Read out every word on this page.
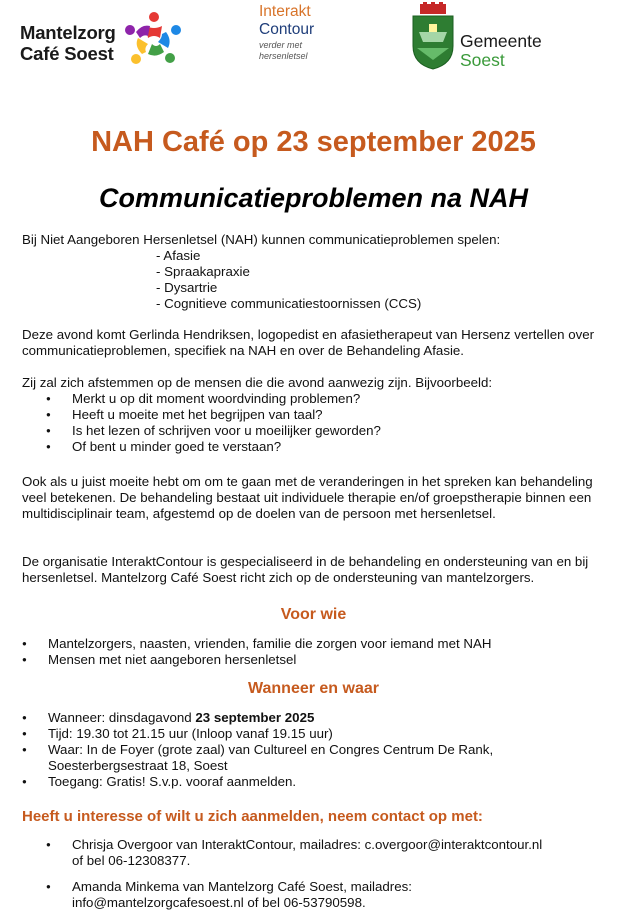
Mantelzorg
Café Soest
Interakt
Contour
verder met
hersenletsel
Gemeente
Soest
NAH Café op 23 september 2025
Communicatieproblemen na NAH

Bij Niet Aangeboren Hersenletsel (NAH) kunnen communicatieproblemen spelen:

- Afasie
- Spraakapraxie
- Dysartrie
- Cognitieve communicatiestoornissen (CCS)

Deze avond komt Gerlinda Hendriksen, logopedist en afasietherapeut van Hersenz vertellen over communicatieproblemen, specifiek na NAH en over de Behandeling Afasie.

Zij zal zich afstemmen op de mensen die die avond aanwezig zijn. Bijvoorbeeld:

● Merkt u op dit moment woordvinding problemen?
● Heeft u moeite met het begrijpen van taal?
● Is het lezen of schrijven voor u moeilijker geworden?
● Of bent u minder goed te verstaan?

Ook als u juist moeite hebt om om te gaan met de veranderingen in het spreken kan behandeling veel betekenen. De behandeling bestaat uit individuele therapie en/of groepstherapie binnen een multidisciplinair team, afgestemd op de doelen van de persoon met hersenletsel.

De organisatie InteraktContour is gespecialiseerd in de behandeling en ondersteuning van en bij hersenletsel. Mantelzorg Café Soest richt zich op de ondersteuning van mantelzorgers.

Voor wie
● Mantelzorgers, naasten, vrienden, familie die zorgen voor iemand met NAH
● Mensen met niet aangeboren hersenletsel
Wanneer en waar
● Wanneer: dinsdagavond 23 september 2025
● Tijd: 19.30 tot 21.15 uur (Inloop vanaf 19.15 uur)
● Waar: In de Foyer (grote zaal) van Cultureel en Congres Centrum De Rank,
Soesterbergsestraat 18, Soest
● Toegang: Gratis! S.v.p. vooraf aanmelden.
Heeft u interesse of wilt u zich aanmelden, neem contact op met:
● Chrisja Overgoor van InteraktContour, mailadres: c.overgoor@interaktcontour.nl
of bel 06-12308377.
● Amanda Minkema van Mantelzorg Café Soest, mailadres:
info@mantelzorgcafesoest.nl of bel 06-53790598.
